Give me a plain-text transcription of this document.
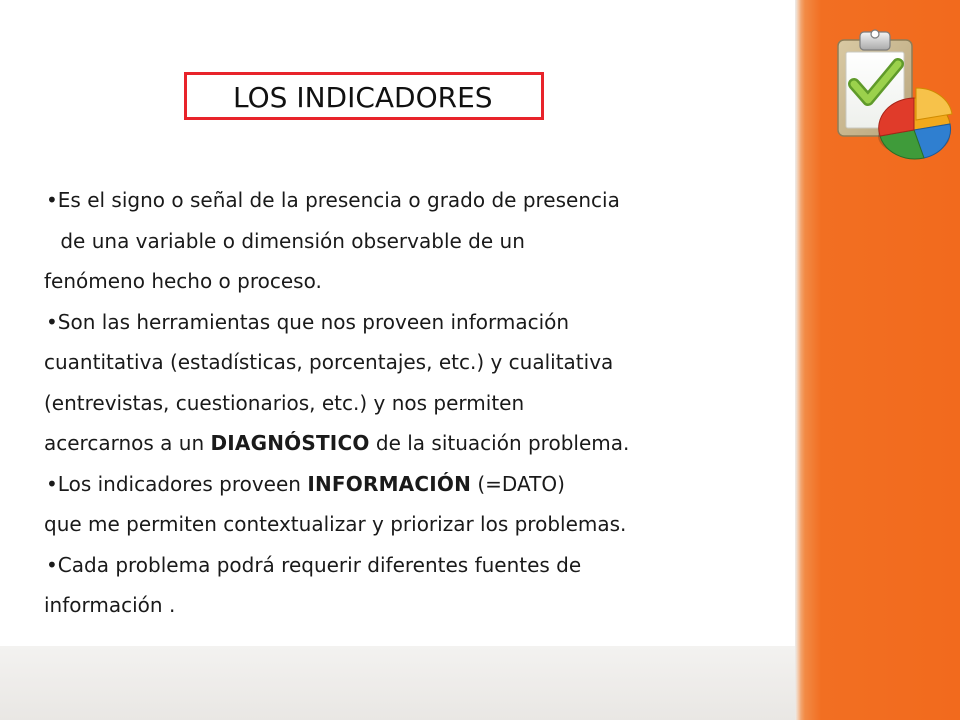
LOS INDICADORES
•Es el signo o señal de la presencia o grado de presencia
de una variable o dimensión observable de un
fenómeno hecho o proceso.
•Son las herramientas que nos proveen información
cuantitativa (estadísticas, porcentajes, etc.) y cualitativa
(entrevistas, cuestionarios, etc.) y nos permiten
acercarnos a un DIAGNÓSTICO de la situación problema.
•Los indicadores proveen INFORMACIÓN (=DATO)
que me permiten contextualizar y priorizar los problemas.
•Cada problema podrá requerir diferentes fuentes de
información .
